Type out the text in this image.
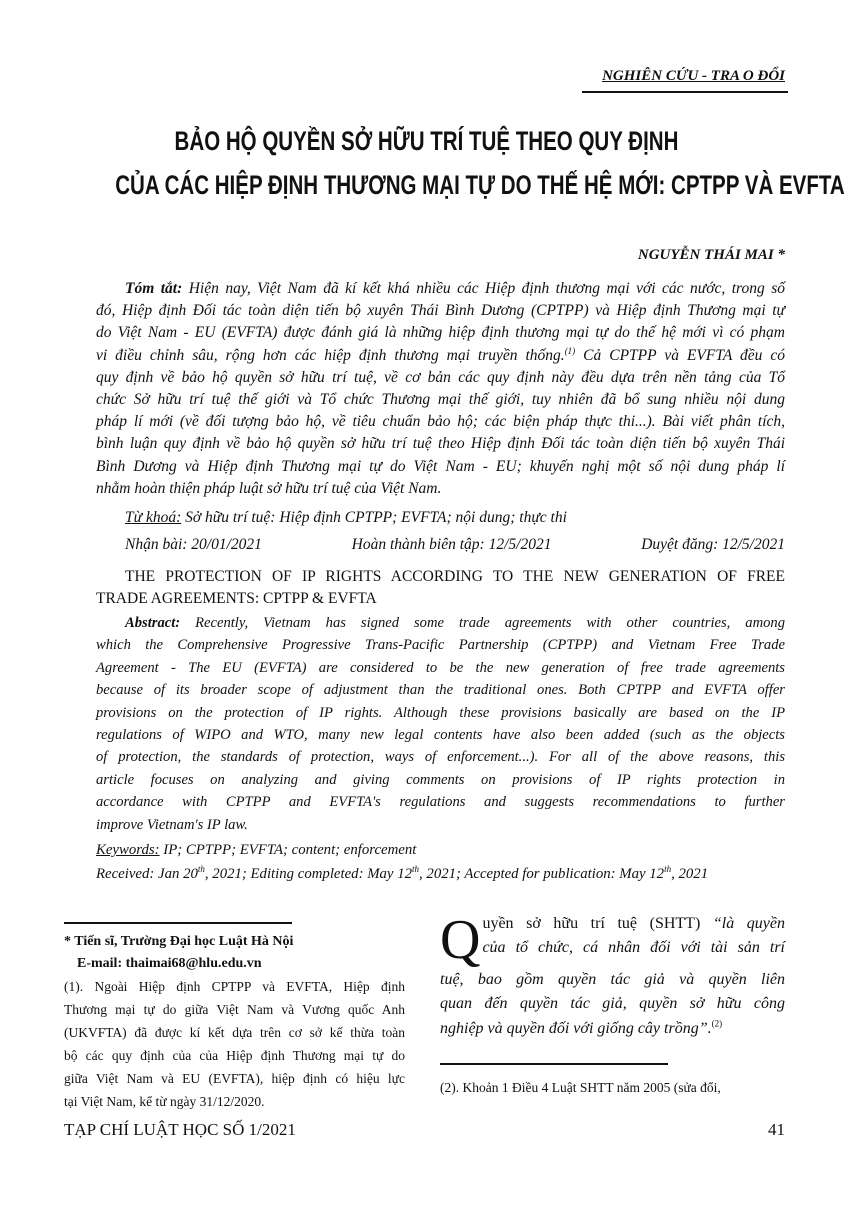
NGHIÊN CỨU - TRA O ĐỔI
BẢO HỘ QUYỀN SỞ HỮU TRÍ TUỆ THEO QUY ĐỊNH
CỦA CÁC HIỆP ĐỊNH THƯƠNG MẠI TỰ DO THẾ HỆ MỚI: CPTPP VÀ EVFTA
NGUYỄN THÁI MAI *
Tóm tắt: Hiện nay, Việt Nam đã kí kết khá nhiều các Hiệp định thương mại với các nước, trong số
đó, Hiệp định Đối tác toàn diện tiến bộ xuyên Thái Bình Dương (CPTPP) và Hiệp định Thương mại tự
do Việt Nam - EU (EVFTA) được đánh giá là những hiệp định thương mại tự do thế hệ mới vì có phạm
vi điều chỉnh sâu, rộng hơn các hiệp định thương mại truyền thống.$^{(1)}$ Cả CPTPP và EVFTA đều có
quy định về bảo hộ quyền sở hữu trí tuệ, về cơ bản các quy định này đều dựa trên nền tảng của Tổ
chức Sở hữu trí tuệ thế giới và Tổ chức Thương mại thế giới, tuy nhiên đã bổ sung nhiều nội dung
pháp lí mới (về đối tượng bảo hộ, về tiêu chuẩn bảo hộ; các biện pháp thực thi...). Bài viết phân tích,
bình luận quy định về bảo hộ quyền sở hữu trí tuệ theo Hiệp định Đối tác toàn diện tiến bộ xuyên Thái
Bình Dương và Hiệp định Thương mại tự do Việt Nam - EU; khuyến nghị một số nội dung pháp lí
nhằm hoàn thiện pháp luật sở hữu trí tuệ của Việt Nam.
Từ khoá: Sở hữu trí tuệ: Hiệp định CPTPP; EVFTA; nội dung; thực thi
Nhận bài: 20/01/2021	Hoàn thành biên tập: 12/5/2021	Duyệt đăng: 12/5/2021
THE PROTECTION OF IP RIGHTS ACCORDING TO THE NEW GENERATION OF FREE
TRADE AGREEMENTS: CPTPP & EVFTA
Abstract: Recently, Vietnam has signed some trade agreements with other countries, among
which the Comprehensive Progressive Trans-Pacific Partnership (CPTPP) and Vietnam Free Trade
Agreement - The EU (EVFTA) are considered to be the new generation of free trade agreements
because of its broader scope of adjustment than the traditional ones. Both CPTPP and EVFTA offer
provisions on the protection of IP rights. Although these provisions basically are based on the IP
regulations of WIPO and WTO, many new legal contents have also been added (such as the objects
of protection, the standards of protection, ways of enforcement...). For all of the above reasons, this
article focuses on analyzing and giving comments on provisions of IP rights protection in
accordance with CPTPP and EVFTA's regulations and suggests recommendations to further
improve Vietnam's IP law.
Keywords: IP; CPTPP; EVFTA; content; enforcement
Received: Jan 20th, 2021; Editing completed: May 12th, 2021; Accepted for publication: May 12th, 2021
* Tiến sĩ, Trường Đại học Luật Hà Nội
E-mail: thaimai68@hlu.edu.vn
(1). Ngoài Hiệp định CPTPP và EVFTA, Hiệp định
Thương mại tự do giữa Việt Nam và Vương quốc Anh
(UKVFTA) đã được kí kết dựa trên cơ sở kế thừa toàn
bộ các quy định của của Hiệp định Thương mại tự do
giữa Việt Nam và EU (EVFTA), hiệp định có hiệu lực
tại Việt Nam, kể từ ngày 31/12/2020.
Q uyền sở hữu trí tuệ (SHTT) “là quyền
của tổ chức, cá nhân đối với tài sản trí
tuệ, bao gồm quyền tác giả và quyền liên
quan đến quyền tác giả, quyền sở hữu công
nghiệp và quyền đối với giống cây trồng”.$^{(2)}$
(2). Khoản 1 Điều 4 Luật SHTT năm 2005 (sửa đổi,
TẠP CHÍ LUẬT HỌC SỐ 1/2021	41
